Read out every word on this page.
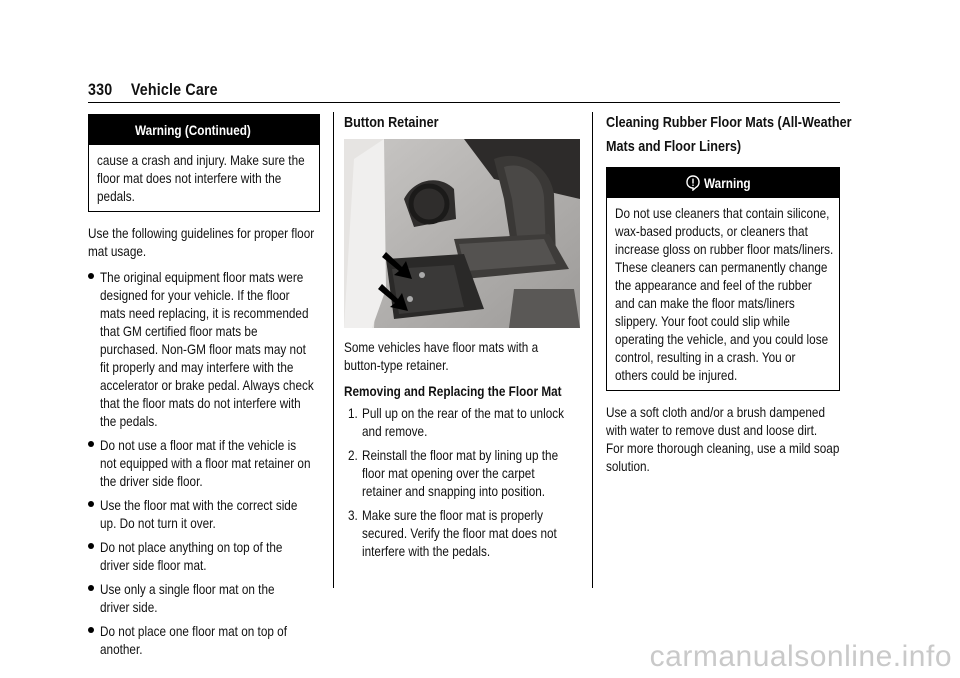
330 Vehicle Care
Warning (Continued)
cause a crash and injury. Make sure the
floor mat does not interfere with the
pedals.

Use the following guidelines for proper floor
mat usage.

The original equipment floor mats were
designed for your vehicle. If the floor
mats need replacing, it is recommended
that GM certified floor mats be
purchased. Non-GM floor mats may not
fit properly and may interfere with the
accelerator or brake pedal. Always check
that the floor mats do not interfere with
the pedals.
Do not use a floor mat if the vehicle is
not equipped with a floor mat retainer on
the driver side floor.
Use the floor mat with the correct side
up. Do not turn it over.
Do not place anything on top of the
driver side floor mat.
Use only a single floor mat on the
driver side.
Do not place one floor mat on top of
another.
Button Retainer

Some vehicles have floor mats with a
button-type retainer.

Removing and Replacing the Floor Mat

1. Pull up on the rear of the mat to unlock
and remove.
2. Reinstall the floor mat by lining up the
floor mat opening over the carpet
retainer and snapping into position.
3. Make sure the floor mat is properly
secured. Verify the floor mat does not
interfere with the pedals.
Cleaning Rubber Floor Mats (All-Weather
Mats and Floor Liners)
Warning
Do not use cleaners that contain silicone,
wax-based products, or cleaners that
increase gloss on rubber floor mats/liners.
These cleaners can permanently change
the appearance and feel of the rubber
and can make the floor mats/liners
slippery. Your foot could slip while
operating the vehicle, and you could lose
control, resulting in a crash. You or
others could be injured.

Use a soft cloth and/or a brush dampened
with water to remove dust and loose dirt.
For more thorough cleaning, use a mild soap
solution.

carmanualsonline.info
